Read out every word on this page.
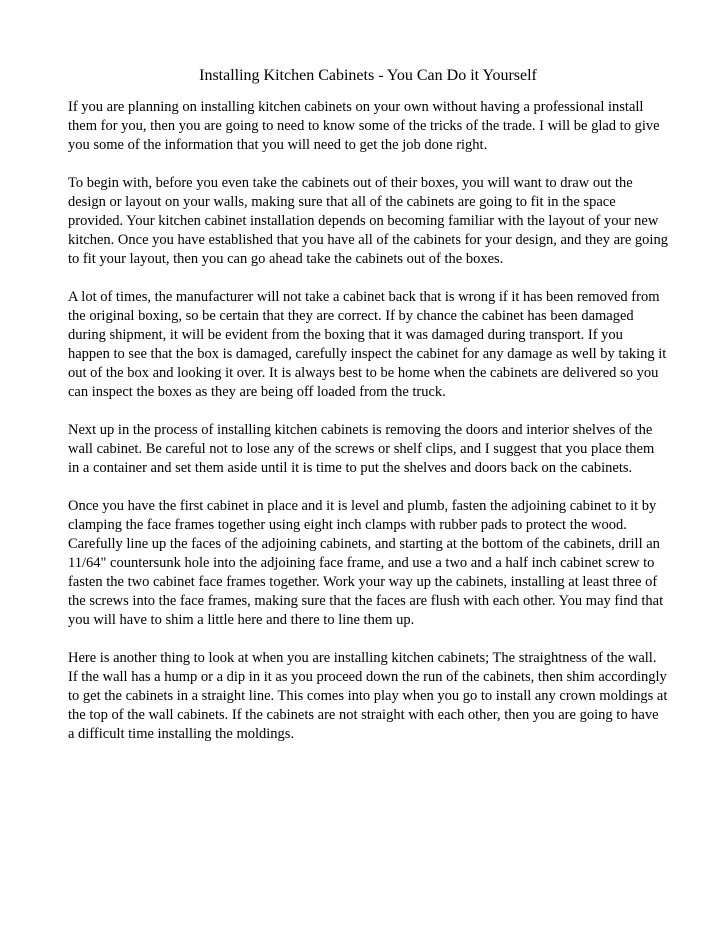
Installing Kitchen Cabinets - You Can Do it Yourself

If you are planning on installing kitchen cabinets on your own without having a professional install them for you, then you are going to need to know some of the tricks of the trade. I will be glad to give you some of the information that you will need to get the job done right.

To begin with, before you even take the cabinets out of their boxes, you will want to draw out the design or layout on your walls, making sure that all of the cabinets are going to fit in the space provided. Your kitchen cabinet installation depends on becoming familiar with the layout of your new kitchen. Once you have established that you have all of the cabinets for your design, and they are going to fit your layout, then you can go ahead take the cabinets out of the boxes.

A lot of times, the manufacturer will not take a cabinet back that is wrong if it has been removed from the original boxing, so be certain that they are correct. If by chance the cabinet has been damaged during shipment, it will be evident from the boxing that it was damaged during transport. If you happen to see that the box is damaged, carefully inspect the cabinet for any damage as well by taking it out of the box and looking it over. It is always best to be home when the cabinets are delivered so you can inspect the boxes as they are being off loaded from the truck.

Next up in the process of installing kitchen cabinets is removing the doors and interior shelves of the wall cabinet. Be careful not to lose any of the screws or shelf clips, and I suggest that you place them in a container and set them aside until it is time to put the shelves and doors back on the cabinets.

Once you have the first cabinet in place and it is level and plumb, fasten the adjoining cabinet to it by clamping the face frames together using eight inch clamps with rubber pads to protect the wood. Carefully line up the faces of the adjoining cabinets, and starting at the bottom of the cabinets, drill an 11/64" countersunk hole into the adjoining face frame, and use a two and a half inch cabinet screw to fasten the two cabinet face frames together. Work your way up the cabinets, installing at least three of the screws into the face frames, making sure that the faces are flush with each other. You may find that you will have to shim a little here and there to line them up.

Here is another thing to look at when you are installing kitchen cabinets; The straightness of the wall. If the wall has a hump or a dip in it as you proceed down the run of the cabinets, then shim accordingly to get the cabinets in a straight line. This comes into play when you go to install any crown moldings at the top of the wall cabinets. If the cabinets are not straight with each other, then you are going to have a difficult time installing the moldings.
